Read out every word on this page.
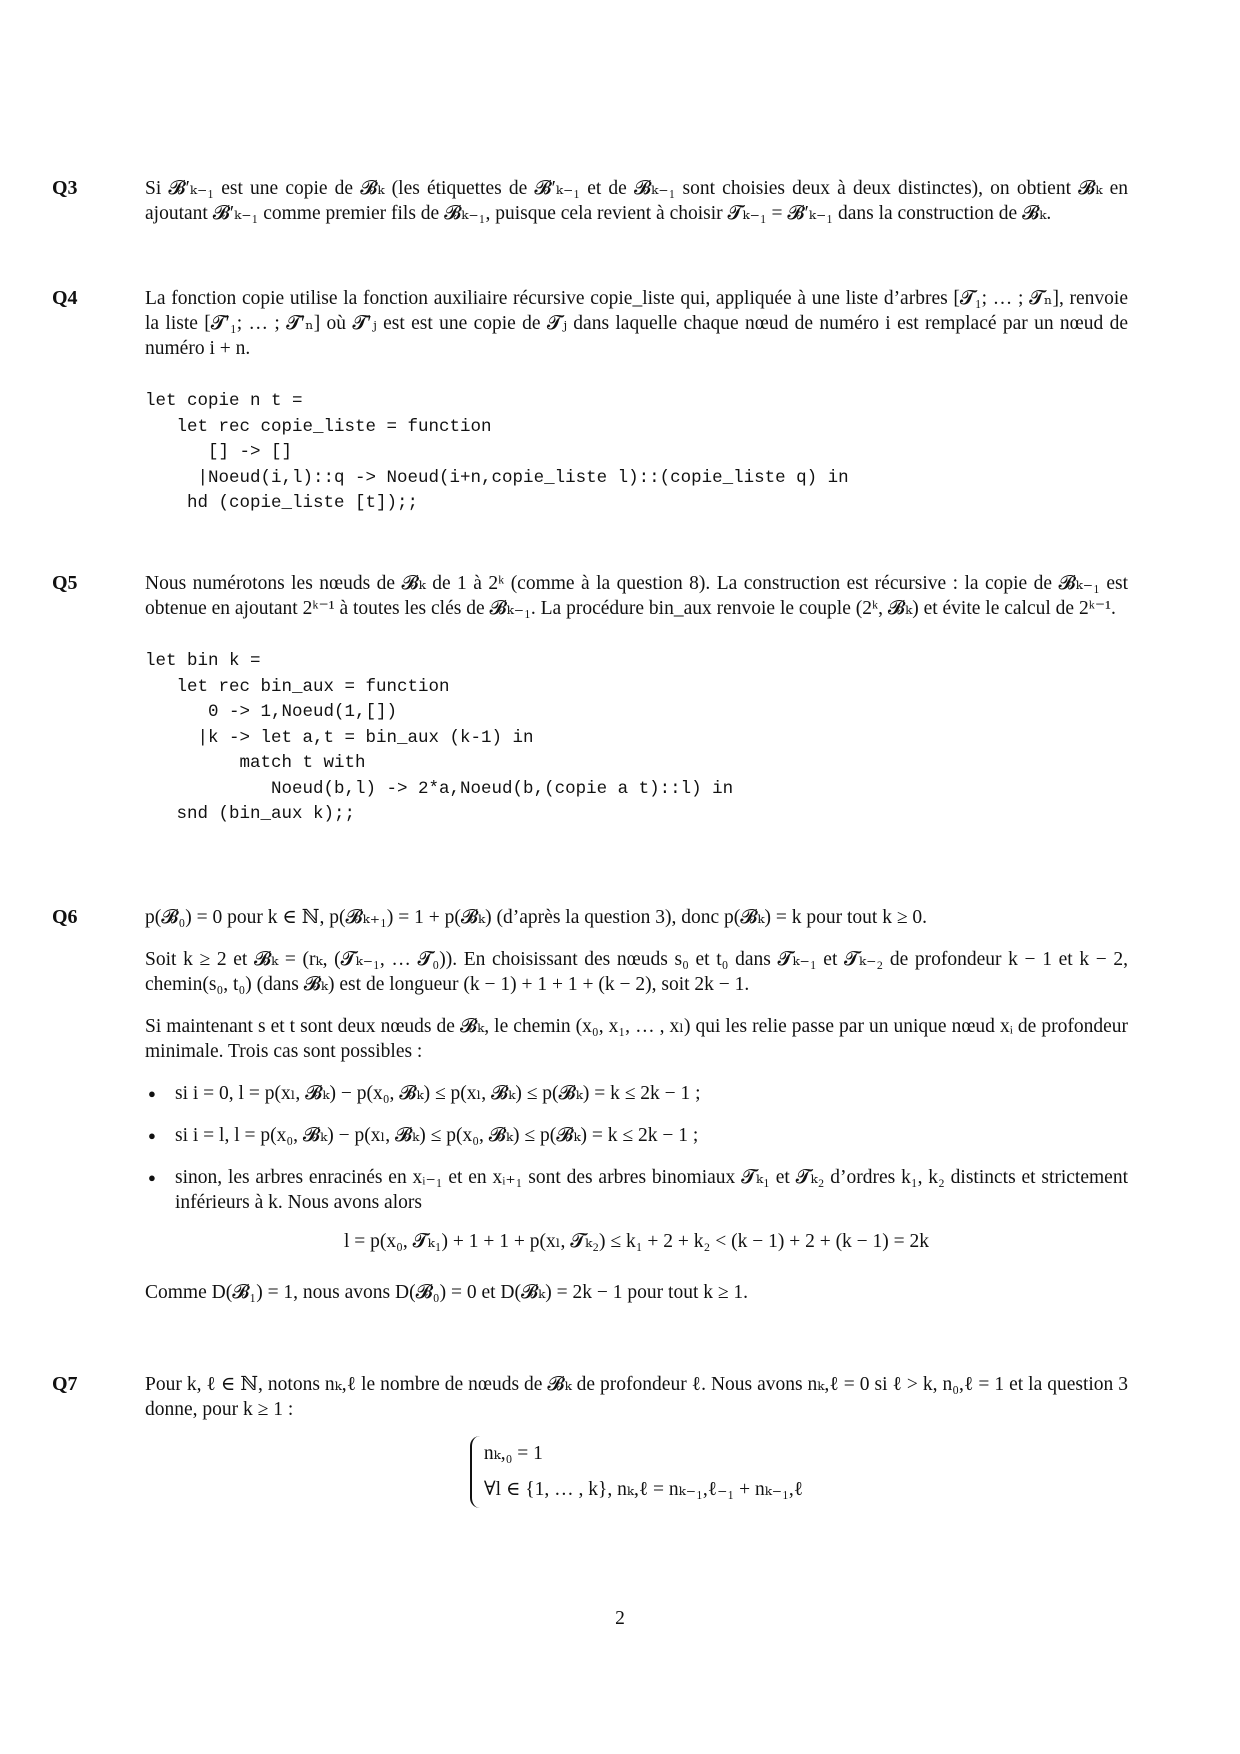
Q3	Si 𝓑′ₖ₋₁ est une copie de 𝓑ₖ (les étiquettes de 𝓑′ₖ₋₁ et de 𝓑ₖ₋₁ sont choisies deux à deux distinctes), on obtient 𝓑ₖ en ajoutant 𝓑′ₖ₋₁ comme premier fils de 𝓑ₖ₋₁, puisque cela revient à choisir 𝓣ₖ₋₁ = 𝓑′ₖ₋₁ dans la construction de 𝓑ₖ.

Q4	La fonction copie utilise la fonction auxiliaire récursive copie_liste qui, appliquée à une liste d’arbres [𝓣₁; … ; 𝓣ₙ], renvoie la liste [𝓣′₁; … ; 𝓣′ₙ] où 𝓣′ⱼ est est une copie de 𝓣ⱼ dans laquelle chaque nœud de numéro i est remplacé par un nœud de numéro i + n.

let copie n t =
let rec copie_liste = function
[] -> []
|Noeud(i,l)::q -> Noeud(i+n,copie_liste l)::(copie_liste q) in
hd (copie_liste [t]);;
Q5	Nous numérotons les nœuds de 𝓑ₖ de 1 à 2ᵏ (comme à la question 8). La construction est récursive : la copie de 𝓑ₖ₋₁ est obtenue en ajoutant 2ᵏ⁻¹ à toutes les clés de 𝓑ₖ₋₁. La procédure bin_aux renvoie le couple (2ᵏ, 𝓑ₖ) et évite le calcul de 2ᵏ⁻¹.

let bin k =
let rec bin_aux = function
0 -> 1,Noeud(1,[])
|k -> let a,t = bin_aux (k-1) in
match t with
Noeud(b,l) -> 2*a,Noeud(b,(copie a t)::l) in
snd (bin_aux k);;
Q6	p(𝓑₀) = 0 pour k ∈ ℕ, p(𝓑ₖ₊₁) = 1 + p(𝓑ₖ) (d’après la question 3), donc p(𝓑ₖ) = k pour tout k ≥ 0.

Soit k ≥ 2 et 𝓑ₖ = (rₖ, (𝓣ₖ₋₁, … 𝓣₀)). En choisissant des nœuds s₀ et t₀ dans 𝓣ₖ₋₁ et 𝓣ₖ₋₂ de profondeur k − 1 et k − 2, chemin(s₀, t₀) (dans 𝓑ₖ) est de longueur (k − 1) + 1 + 1 + (k − 2), soit 2k − 1.

Si maintenant s et t sont deux nœuds de 𝓑ₖ, le chemin (x₀, x₁, … , xₗ) qui les relie passe par un unique nœud xᵢ de profondeur minimale. Trois cas sont possibles :

● si i = 0, l = p(xₗ, 𝓑ₖ) − p(x₀, 𝓑ₖ) ≤ p(xₗ, 𝓑ₖ) ≤ p(𝓑ₖ) = k ≤ 2k − 1 ;
● si i = l, l = p(x₀, 𝓑ₖ) − p(xₗ, 𝓑ₖ) ≤ p(x₀, 𝓑ₖ) ≤ p(𝓑ₖ) = k ≤ 2k − 1 ;
● sinon, les arbres enracinés en xᵢ₋₁ et en xᵢ₊₁ sont des arbres binomiaux 𝓣ₖ₁ et 𝓣ₖ₂ d’ordres k₁, k₂ distincts et strictement inférieurs à k. Nous avons alors

l = p(x₀, 𝓣ₖ₁) + 1 + 1 + p(xₗ, 𝓣ₖ₂) ≤ k₁ + 2 + k₂ < (k − 1) + 2 + (k − 1) = 2k

Comme D(𝓑₁) = 1, nous avons D(𝓑₀) = 0 et D(𝓑ₖ) = 2k − 1 pour tout k ≥ 1.

Q7	Pour k, ℓ ∈ ℕ, notons nₖ,ℓ le nombre de nœuds de 𝓑ₖ de profondeur ℓ. Nous avons nₖ,ℓ = 0 si ℓ > k, n₀,ℓ = 1 et la question 3 donne, pour k ≥ 1 :

nₖ,₀ = 1
∀l ∈ {1, … , k}, nₖ,ℓ = nₖ₋₁,ℓ₋₁ + nₖ₋₁,ℓ
2
